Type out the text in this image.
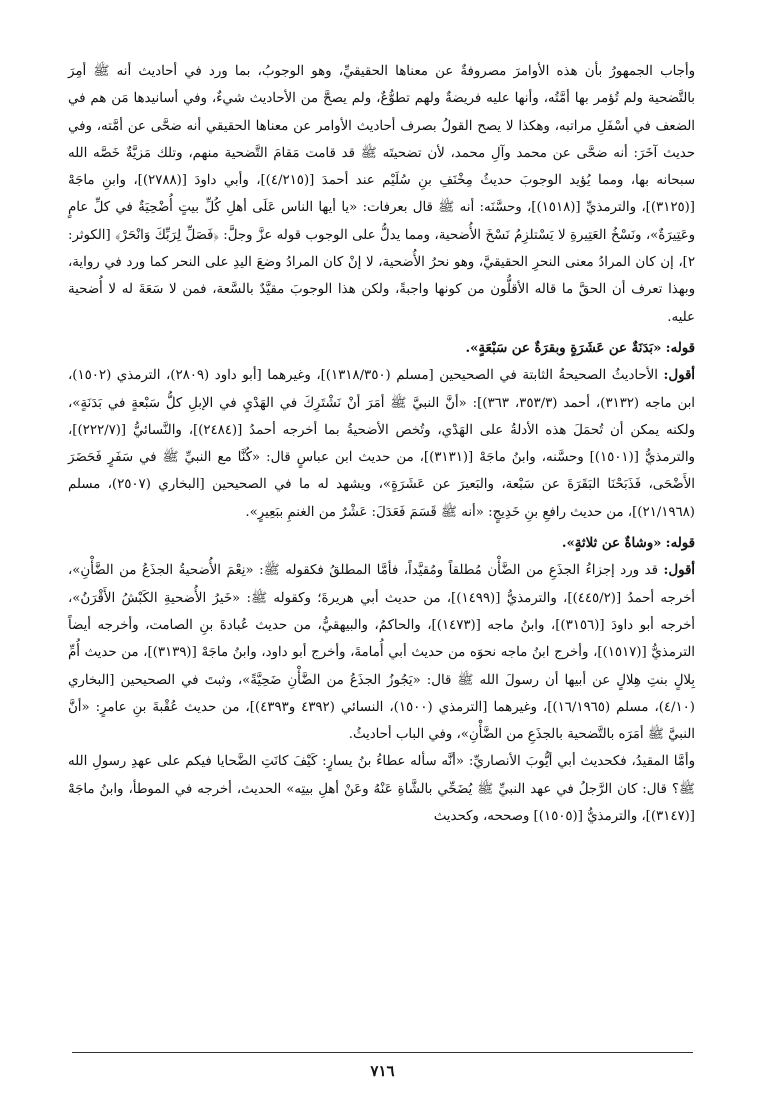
وأجاب الجمهورُ بأن هذه الأوامرَ مصروفةٌ عن معناها الحقيقيِّ، وهو الوجوبُ، بما ورد في أحاديث أنه ﷺ أمِرَ بالتَّضحية ولم تُؤمر بها أمَّتُه، وأنها عليه فريضةٌ ولهم تطوُّعٌ، ولم يصحَّ من الأحاديث شيءٌ، وفي أسانيدها مَن هم في الضعف في أسْفَلِ مراتبه، وهكذا لا يصح القولُ بصرف أحاديث الأوامر عن معناها الحقيقي أنه ضحَّى عن أمَّته، وفي حديث آخَرَ: أنه ضحَّى عن محمد وآلِ محمد، لأن تضحيتَه ﷺ قد قامت مَقامَ التَّضحية منهم، وتلك مَزيَّةٌ خَصَّه الله سبحانه بها، ومما يُؤيد الوجوبَ حديثُ مِخْنَفِ بنِ سُلَيْم عند أحمدَ [(٤/٢١٥)]، وأبي داودَ [(٢٧٨٨)]، وابنِ ماجَهْ [(٣١٢٥)]، والترمذيِّ [(١٥١٨)]، وحسَّنَه: أنه ﷺ قال بعرفات: «يا أيها الناس عَلَى أهلِ كُلِّ بيتٍ أُضْحِيَةٌ في كلِّ عامٍ وعَتِيرَةٌ»، ونَسْخُ العَتِيرةِ لا يَسْتلزِمُ نَسْخَ الأُضحية، ومما يدلُّ على الوجوب قوله عزَّ وجلَّ: ﴿فَصَلِّ لِرَبِّكَ وَانْحَرْ﴾ [الكوثر: ٢]، إن كان المرادُ معنى النحرِ الحقيقيَّ، وهو نحرُ الأُضحية، لا إنْ كان المرادُ وضعَ اليدِ على النحر كما ورد في رواية، وبهذا تعرف أن الحقَّ ما قاله الأقلُّون من كونها واجبةً، ولكن هذا الوجوبَ مقيَّدٌ بالسَّعة، فمن لا سَعَةَ له لا أُضحية عليه.

قوله: «بَدَنَةٌ عن عَشَرَةٍ وبقرَةٌ عن سَبْعَةٍ».

أقول: الأحاديثُ الصحيحةُ الثابتة في الصحيحين [مسلم (١٣١٨/٣٥٠)]، وغيرهما [أبو داود (٢٨٠٩)، الترمذي (١٥٠٢)، ابن ماجه (٣١٣٢)، أحمد (٣٥٣/٣، ٣٦٣)]: «أنَّ النبيَّ ﷺ أمَرَ أنْ نَشْتَرِكَ في الهَدْيِ في الإبلِ كلُّ سَبْعةٍ في بَدَنَةٍ»، ولكنه يمكن أن تُحمَلَ هذه الأدلةُ على الهَدْي، وتُخص الأضحيةُ بما أخرجه أحمدُ [(٢٤٨٤)]، والنَّسائيُّ [(٢٢٢/٧)]، والترمذيُّ [(١٥٠١)] وحسَّنه، وابنُ ماجَهْ [(٣١٣١)]، من حديث ابن عباسٍ قال: «كُنَّا مع النبيِّ ﷺ في سَفَرٍ فَحَضَرَ الأَضْحَى، فَذَبَحْنَا البَقَرَةَ عن سَبْعة، والبَعيرَ عن عَشَرَةٍ»، ويشهد له ما في الصحيحين [البخاري (٢٥٠٧)، مسلم (٢١/١٩٦٨)]، من حديث رافعِ بنِ خَدِيجٍ: «أنه ﷺ قَسَمَ فَعَدَلَ: عَشْرٌ من الغنمِ ببَعِيرٍ».

قوله: «وشاةٌ عن ثلاثةٍ».

أقول: قد ورد إجزاءُ الجذَعِ من الضَّأْن مُطلقاً ومُقيَّداً، فأمَّا المطلقُ فكقوله ﷺ: «نِعْمَ الأُضحيةُ الجذَعُ من الضَّأْنِ»، أخرجه أحمدُ [(٤٤٥/٢)]، والترمذيُّ [(١٤٩٩)]، من حديث أبي هريرةَ؛ وكقوله ﷺ: «خَيرُ الأُضحيةِ الكَبْشُ الأَقْرَنُ»، أخرجه أبو داودَ [(٣١٥٦)]، وابنُ ماجه [(١٤٧٣)]، والحاكمُ، والبيهقيُّ، من حديث عُبادةَ بنِ الصامت، وأخرجه أيضاً الترمذيُّ [(١٥١٧)]، وأخرج ابنُ ماجه نحوَه من حديث أبي أُمامةَ، وأخرج أبو داود، وابنُ ماجَهْ [(٣١٣٩)]، من حديث أُمِّ بِلالٍ بنتِ هِلالٍ عن أبيها أن رسولَ الله ﷺ قال: «يَجُوزُ الجذَعُ من الضَّأْنِ ضَحِيَّةً»، وثبتَ في الصحيحين [البخاري (٤/١٠)، مسلم (١٦/١٩٦٥)]، وغيرهما [الترمذي (١٥٠٠)، النسائي (٤٣٩٢ و٤٣٩٣)]، من حديث عُقْبةَ بنِ عامرٍ: «أنَّ النبيَّ ﷺ أمَرَه بالتَّضحية بالجذَعِ من الضَّأْنِ»، وفي الباب أحاديثُ.

وأمَّا المقيدُ، فكحديث أبي أيُّوبَ الأنصاريِّ: «أنَّه سأله عطاءُ بنُ يسارٍ: كَيْفَ كانَتِ الضَّحايا فيكم على عهدِ رسولِ الله ﷺ؟ قال: كان الرَّجلُ في عهد النبيِّ ﷺ يُضَحِّي بالشَّاةِ عَنْهُ وعَنْ أهلِ بيتِه» الحديث، أخرجه في الموطأ، وابنُ ماجَهْ [(٣١٤٧)]، والترمذيُّ [(١٥٠٥)] وصححه، وكحديث

٧١٦
